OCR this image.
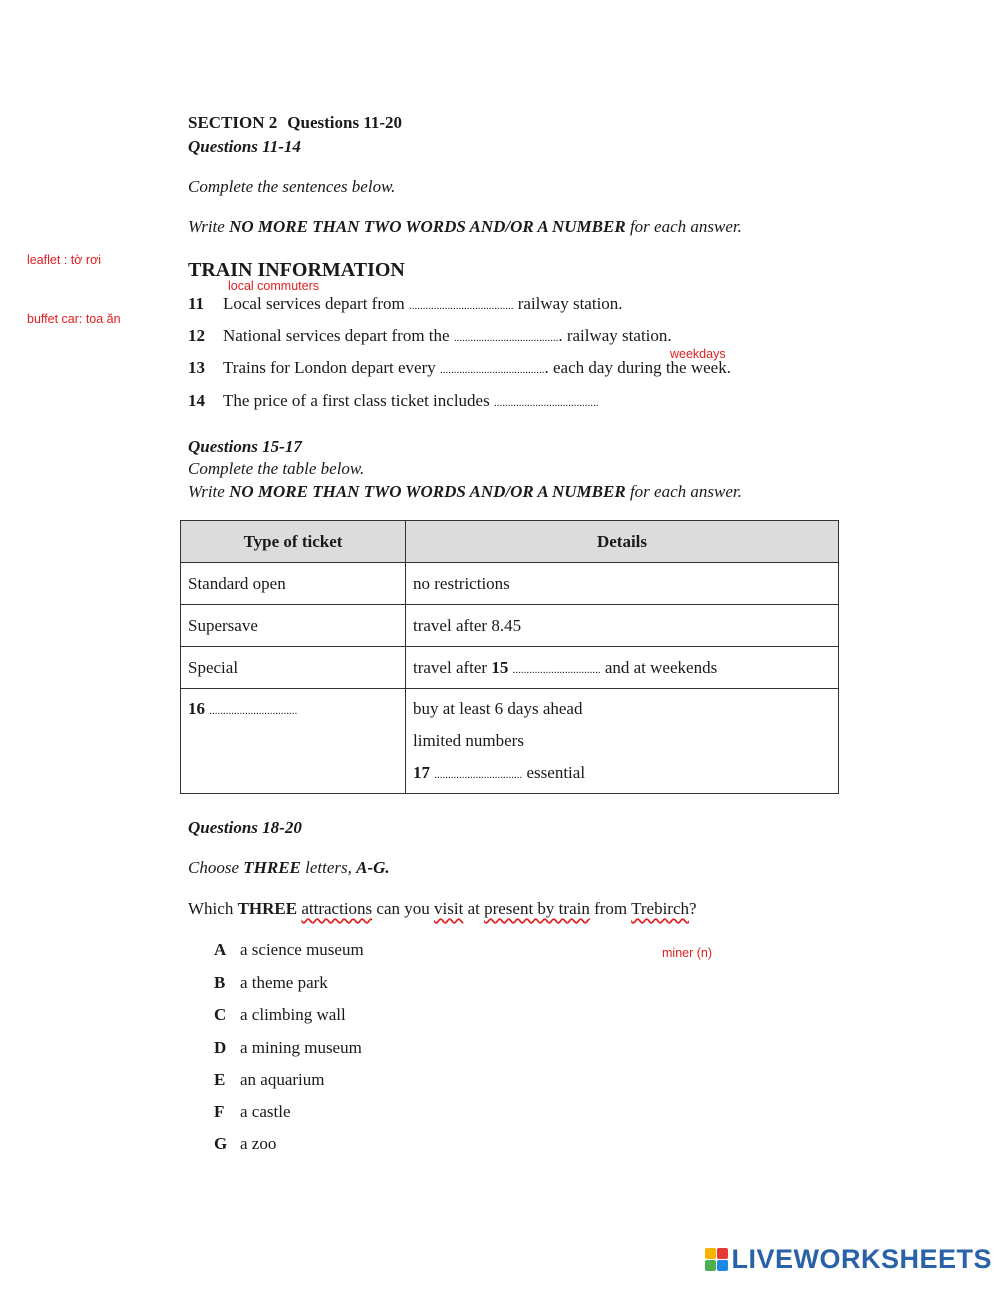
SECTION 2 Questions 11-20
Questions 11-14
Complete the sentences below.
Write NO MORE THAN TWO WORDS AND/OR A NUMBER for each answer.
leaflet : tờ rơi
buffet car: toa ăn
TRAIN INFORMATION
local commuters
11 Local services depart from ...................................... railway station.
12 National services depart from the ....................................... railway station.
weekdays
13 Trains for London depart every ....................................... each day during the week.
14 The price of a first class ticket includes ......................................
Questions 15-17
Complete the table below.
Write NO MORE THAN TWO WORDS AND/OR A NUMBER for each answer.
Type of ticket	Details
Standard open	no restrictions
Supersave	travel after 8.45
Special	travel after 15 ................................ and at weekends
16 ................................	buy at least 6 days ahead
limited numbers
17 ................................ essential
Questions 18-20
Choose THREE letters, A-G.
Which THREE attractions can you visit at present by train from Trebirch?
miner (n)
A a science museum
B a theme park
C a climbing wall
D a mining museum
E an aquarium
F a castle
G a zoo
LIVEWORKSHEETS
